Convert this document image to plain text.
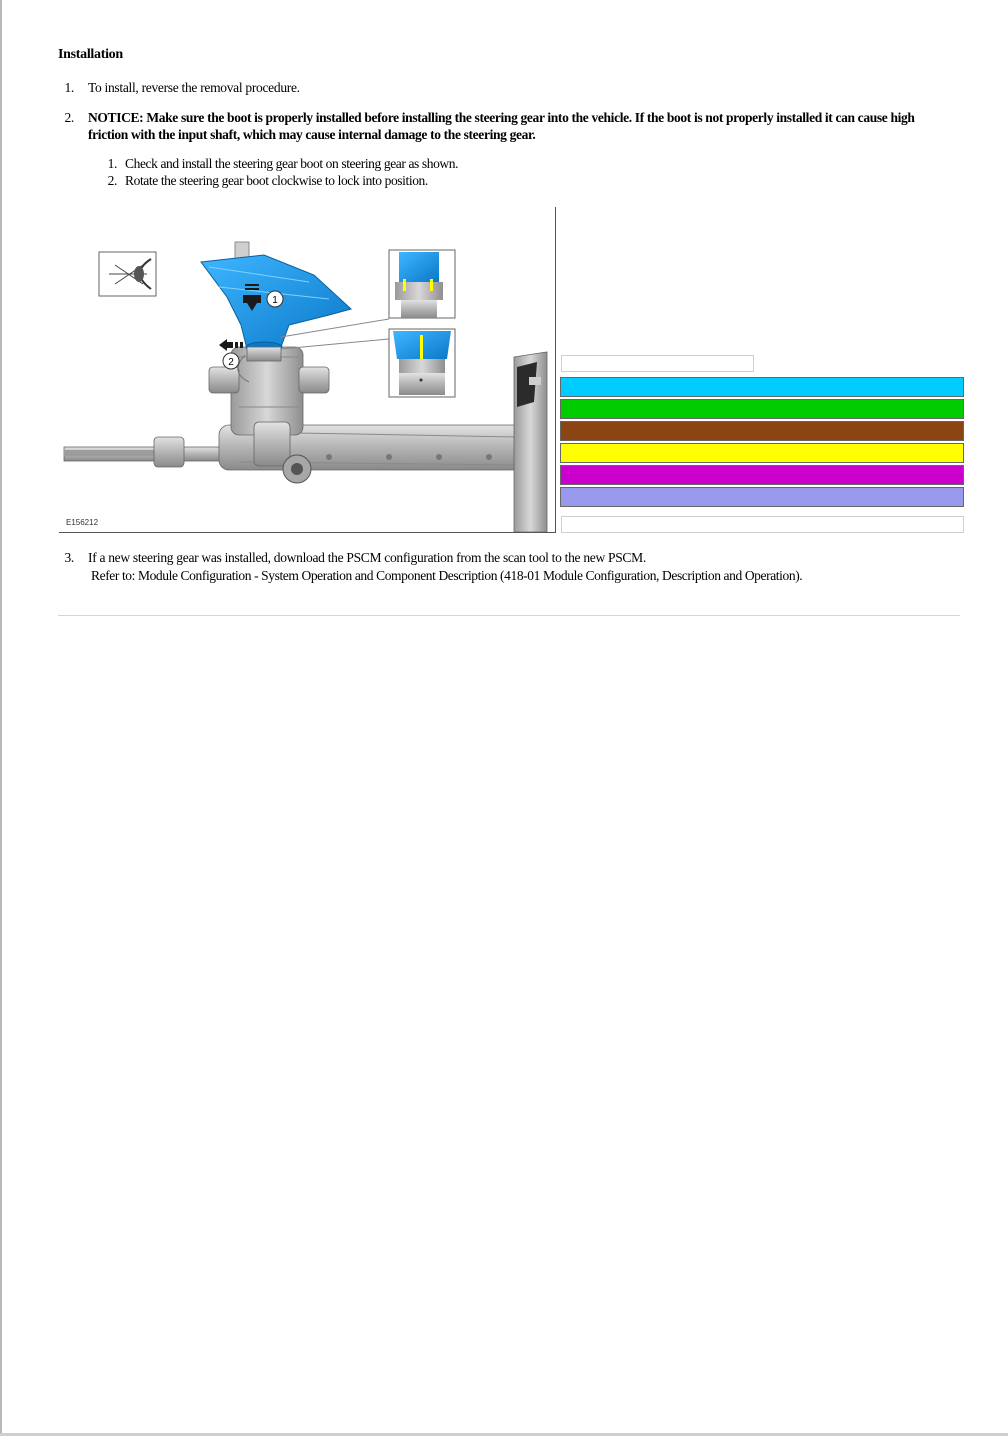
Installation
1. To install, reverse the removal procedure.
2. NOTICE: Make sure the boot is properly installed before installing the steering gear into the vehicle. If the boot is not properly installed it can cause high friction with the input shaft, which may cause internal damage to the steering gear.
1. Check and install the steering gear boot on steering gear as shown.
2. Rotate the steering gear boot clockwise to lock into position.
1
2
E156212
3. If a new steering gear was installed, download the PSCM configuration from the scan tool to the new PSCM.
Refer to: Module Configuration - System Operation and Component Description (418-01 Module Configuration, Description and Operation).
